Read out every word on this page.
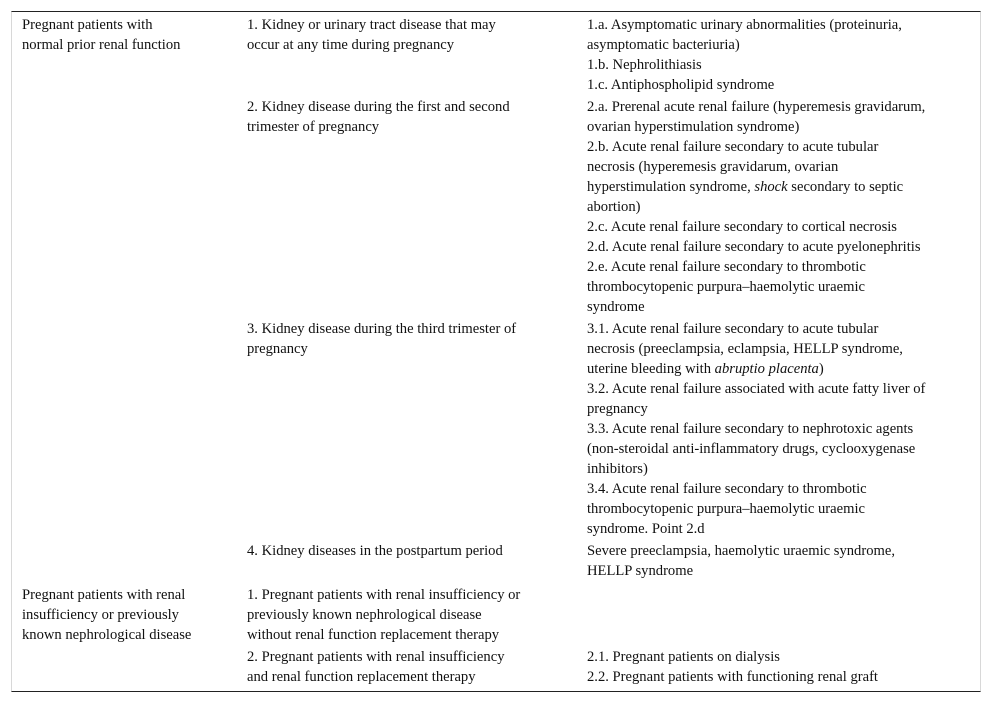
Pregnant patients with
normal prior renal function
1. Kidney or urinary tract disease that may
occur at any time during pregnancy
1.a. Asymptomatic urinary abnormalities (proteinuria,
asymptomatic bacteriuria)
1.b. Nephrolithiasis
1.c. Antiphospholipid syndrome
2. Kidney disease during the first and second
trimester of pregnancy
2.a. Prerenal acute renal failure (hyperemesis gravidarum,
ovarian hyperstimulation syndrome)
2.b. Acute renal failure secondary to acute tubular
necrosis (hyperemesis gravidarum, ovarian
hyperstimulation syndrome, shock secondary to septic
abortion)
2.c. Acute renal failure secondary to cortical necrosis
2.d. Acute renal failure secondary to acute pyelonephritis
2.e. Acute renal failure secondary to thrombotic
thrombocytopenic purpura–haemolytic uraemic
syndrome
3. Kidney disease during the third trimester of
pregnancy
3.1. Acute renal failure secondary to acute tubular
necrosis (preeclampsia, eclampsia, HELLP syndrome,
uterine bleeding with abruptio placenta)
3.2. Acute renal failure associated with acute fatty liver of
pregnancy
3.3. Acute renal failure secondary to nephrotoxic agents
(non-steroidal anti-inflammatory drugs, cyclooxygenase
inhibitors)
3.4. Acute renal failure secondary to thrombotic
thrombocytopenic purpura–haemolytic uraemic
syndrome. Point 2.d
4. Kidney diseases in the postpartum period	Severe preeclampsia, haemolytic uraemic syndrome,
HELLP syndrome
Pregnant patients with renal
insufficiency or previously
known nephrological disease
1. Pregnant patients with renal insufficiency or
previously known nephrological disease
without renal function replacement therapy
2. Pregnant patients with renal insufficiency
and renal function replacement therapy
2.1. Pregnant patients on dialysis
2.2. Pregnant patients with functioning renal graft
